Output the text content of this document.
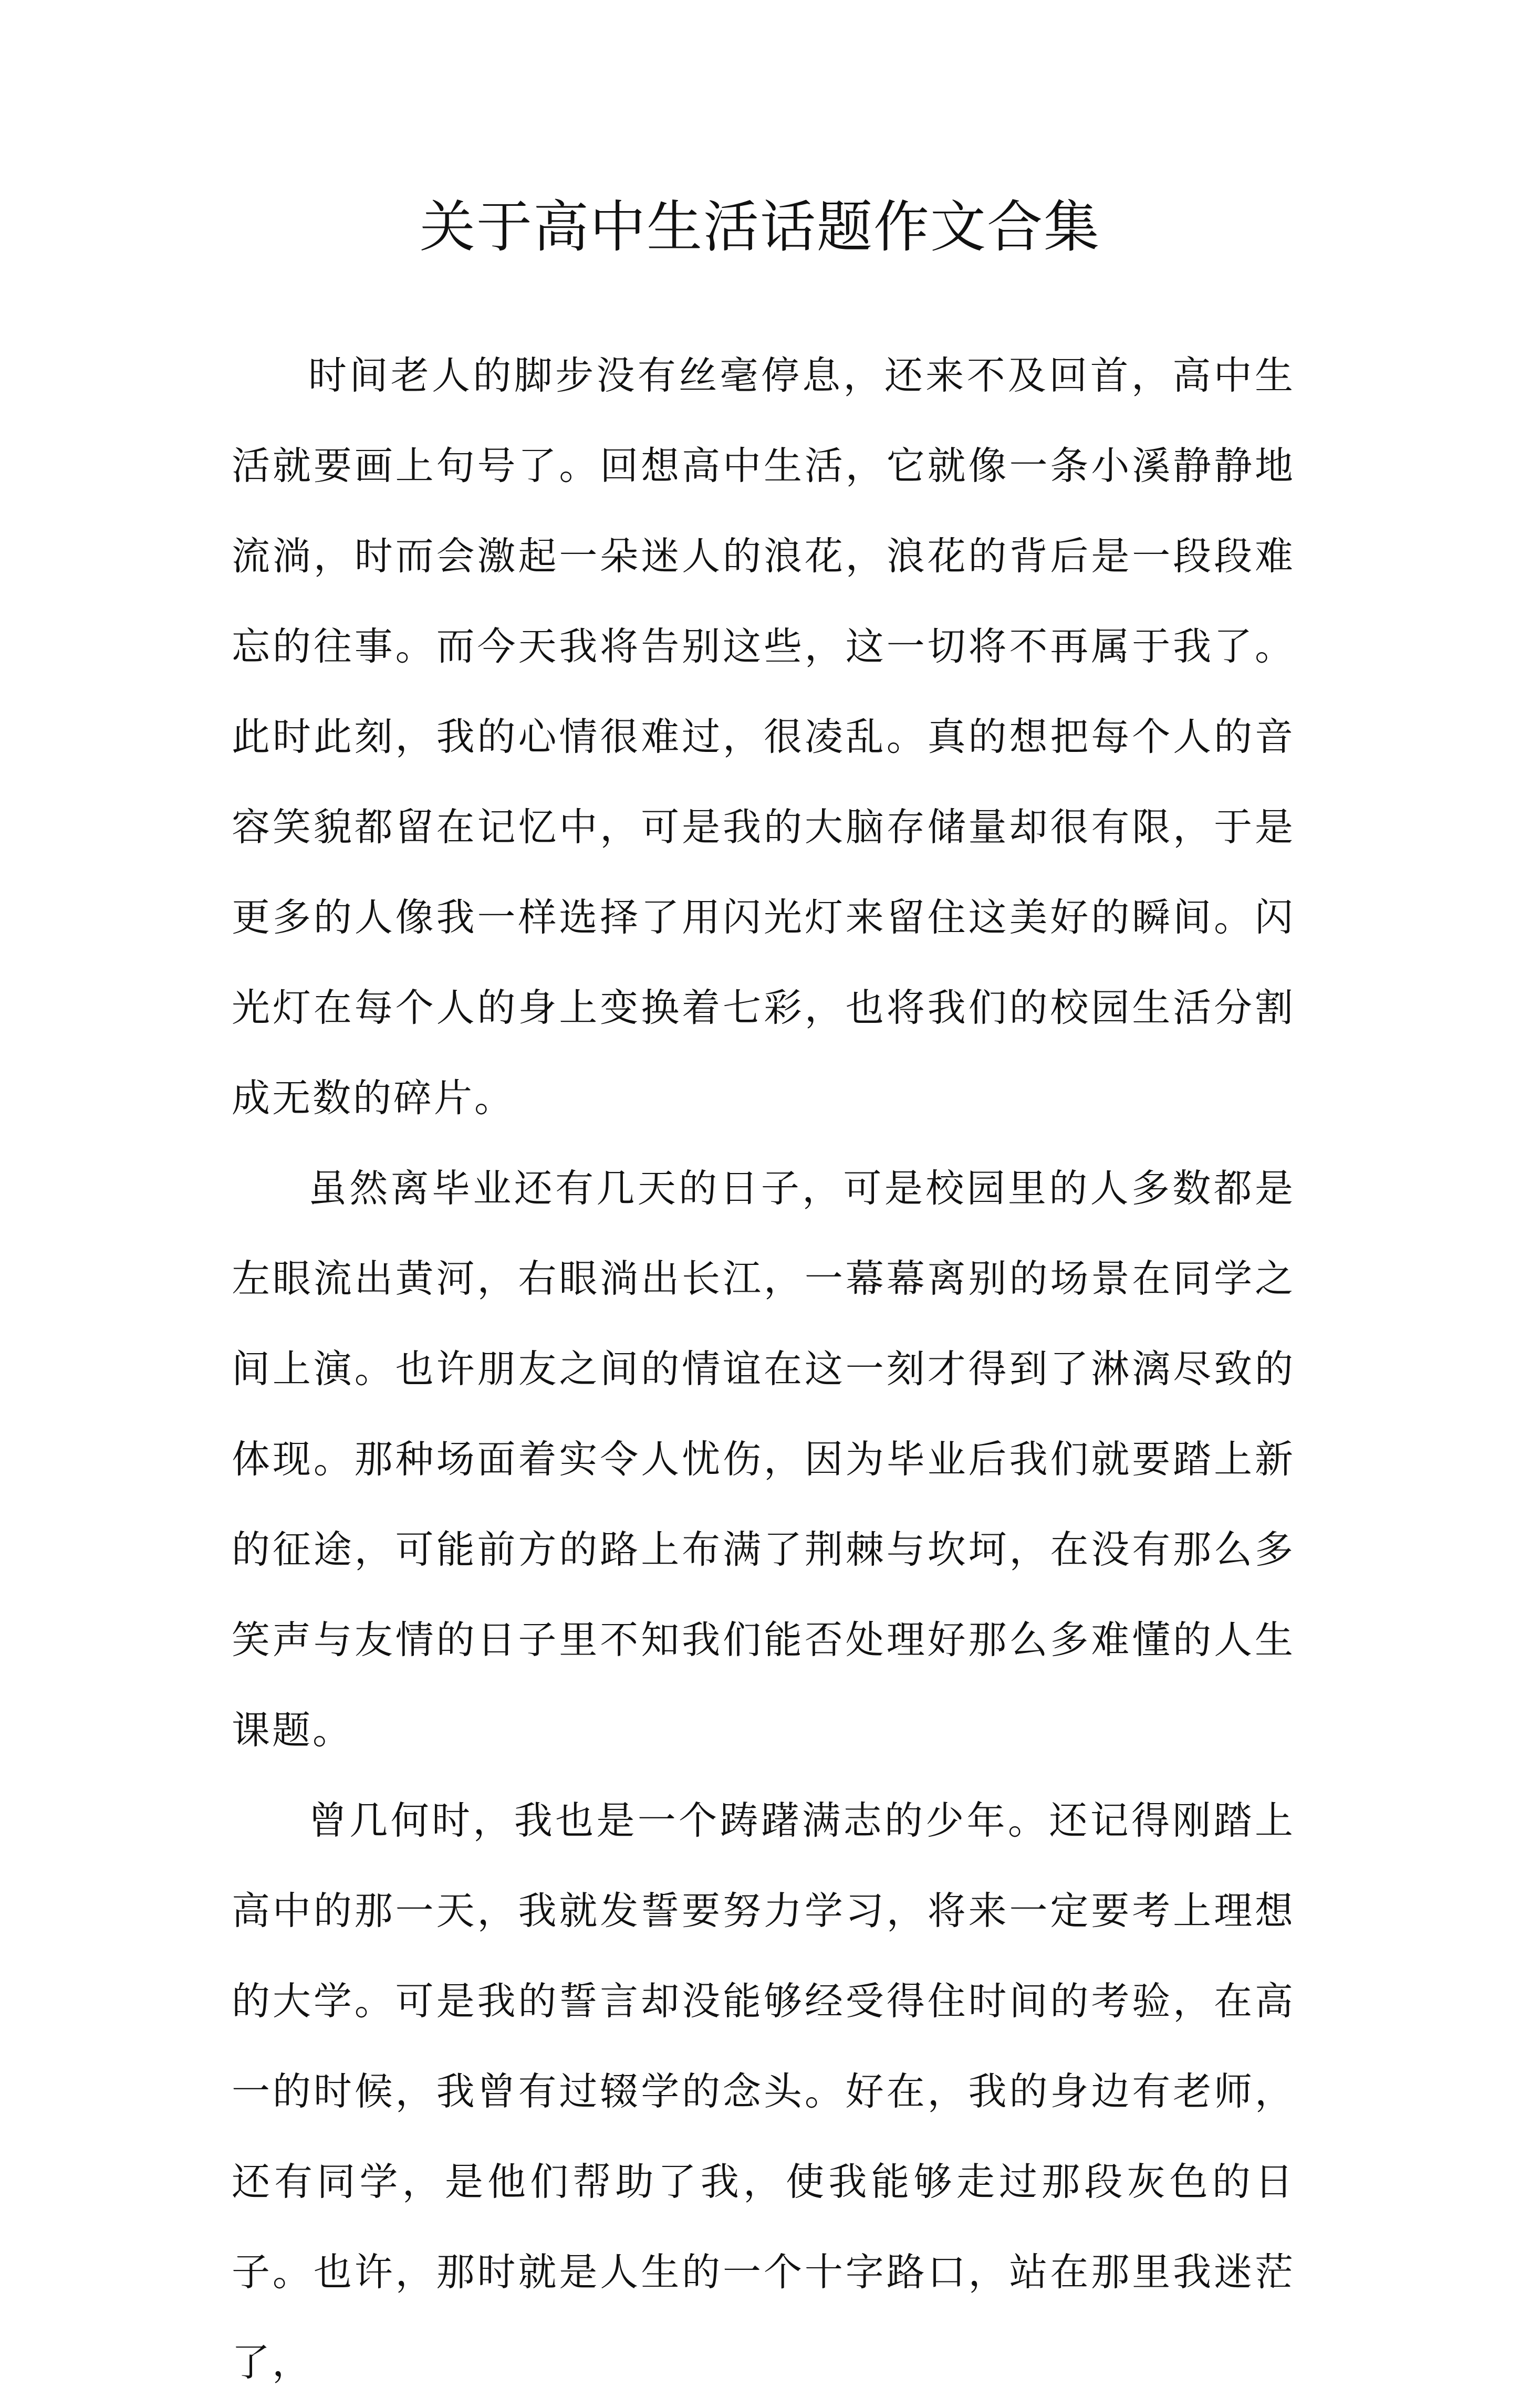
关于高中生活话题作文合集

时间老人的脚步没有丝毫停息，还来不及回首，高中生活就要画上句号了。回想高中生活，它就像一条小溪静静地流淌，时而会激起一朵迷人的浪花，浪花的背后是一段段难忘的往事。而今天我将告别这些，这一切将不再属于我了。此时此刻，我的心情很难过，很凌乱。真的想把每个人的音容笑貌都留在记忆中，可是我的大脑存储量却很有限，于是更多的人像我一样选择了用闪光灯来留住这美好的瞬间。闪光灯在每个人的身上变换着七彩，也将我们的校园生活分割成无数的碎片。

虽然离毕业还有几天的日子，可是校园里的人多数都是左眼流出黄河，右眼淌出长江，一幕幕离别的场景在同学之间上演。也许朋友之间的情谊在这一刻才得到了淋漓尽致的体现。那种场面着实令人忧伤，因为毕业后我们就要踏上新的征途，可能前方的路上布满了荆棘与坎坷，在没有那么多笑声与友情的日子里不知我们能否处理好那么多难懂的人生课题。

曾几何时，我也是一个踌躇满志的少年。还记得刚踏上高中的那一天，我就发誓要努力学习，将来一定要考上理想的大学。可是我的誓言却没能够经受得住时间的考验，在高一的时候，我曾有过辍学的念头。好在，我的身边有老师，还有同学，是他们帮助了我，使我能够走过那段灰色的日子。也许，那时就是人生的一个十字路口，站在那里我迷茫了，
